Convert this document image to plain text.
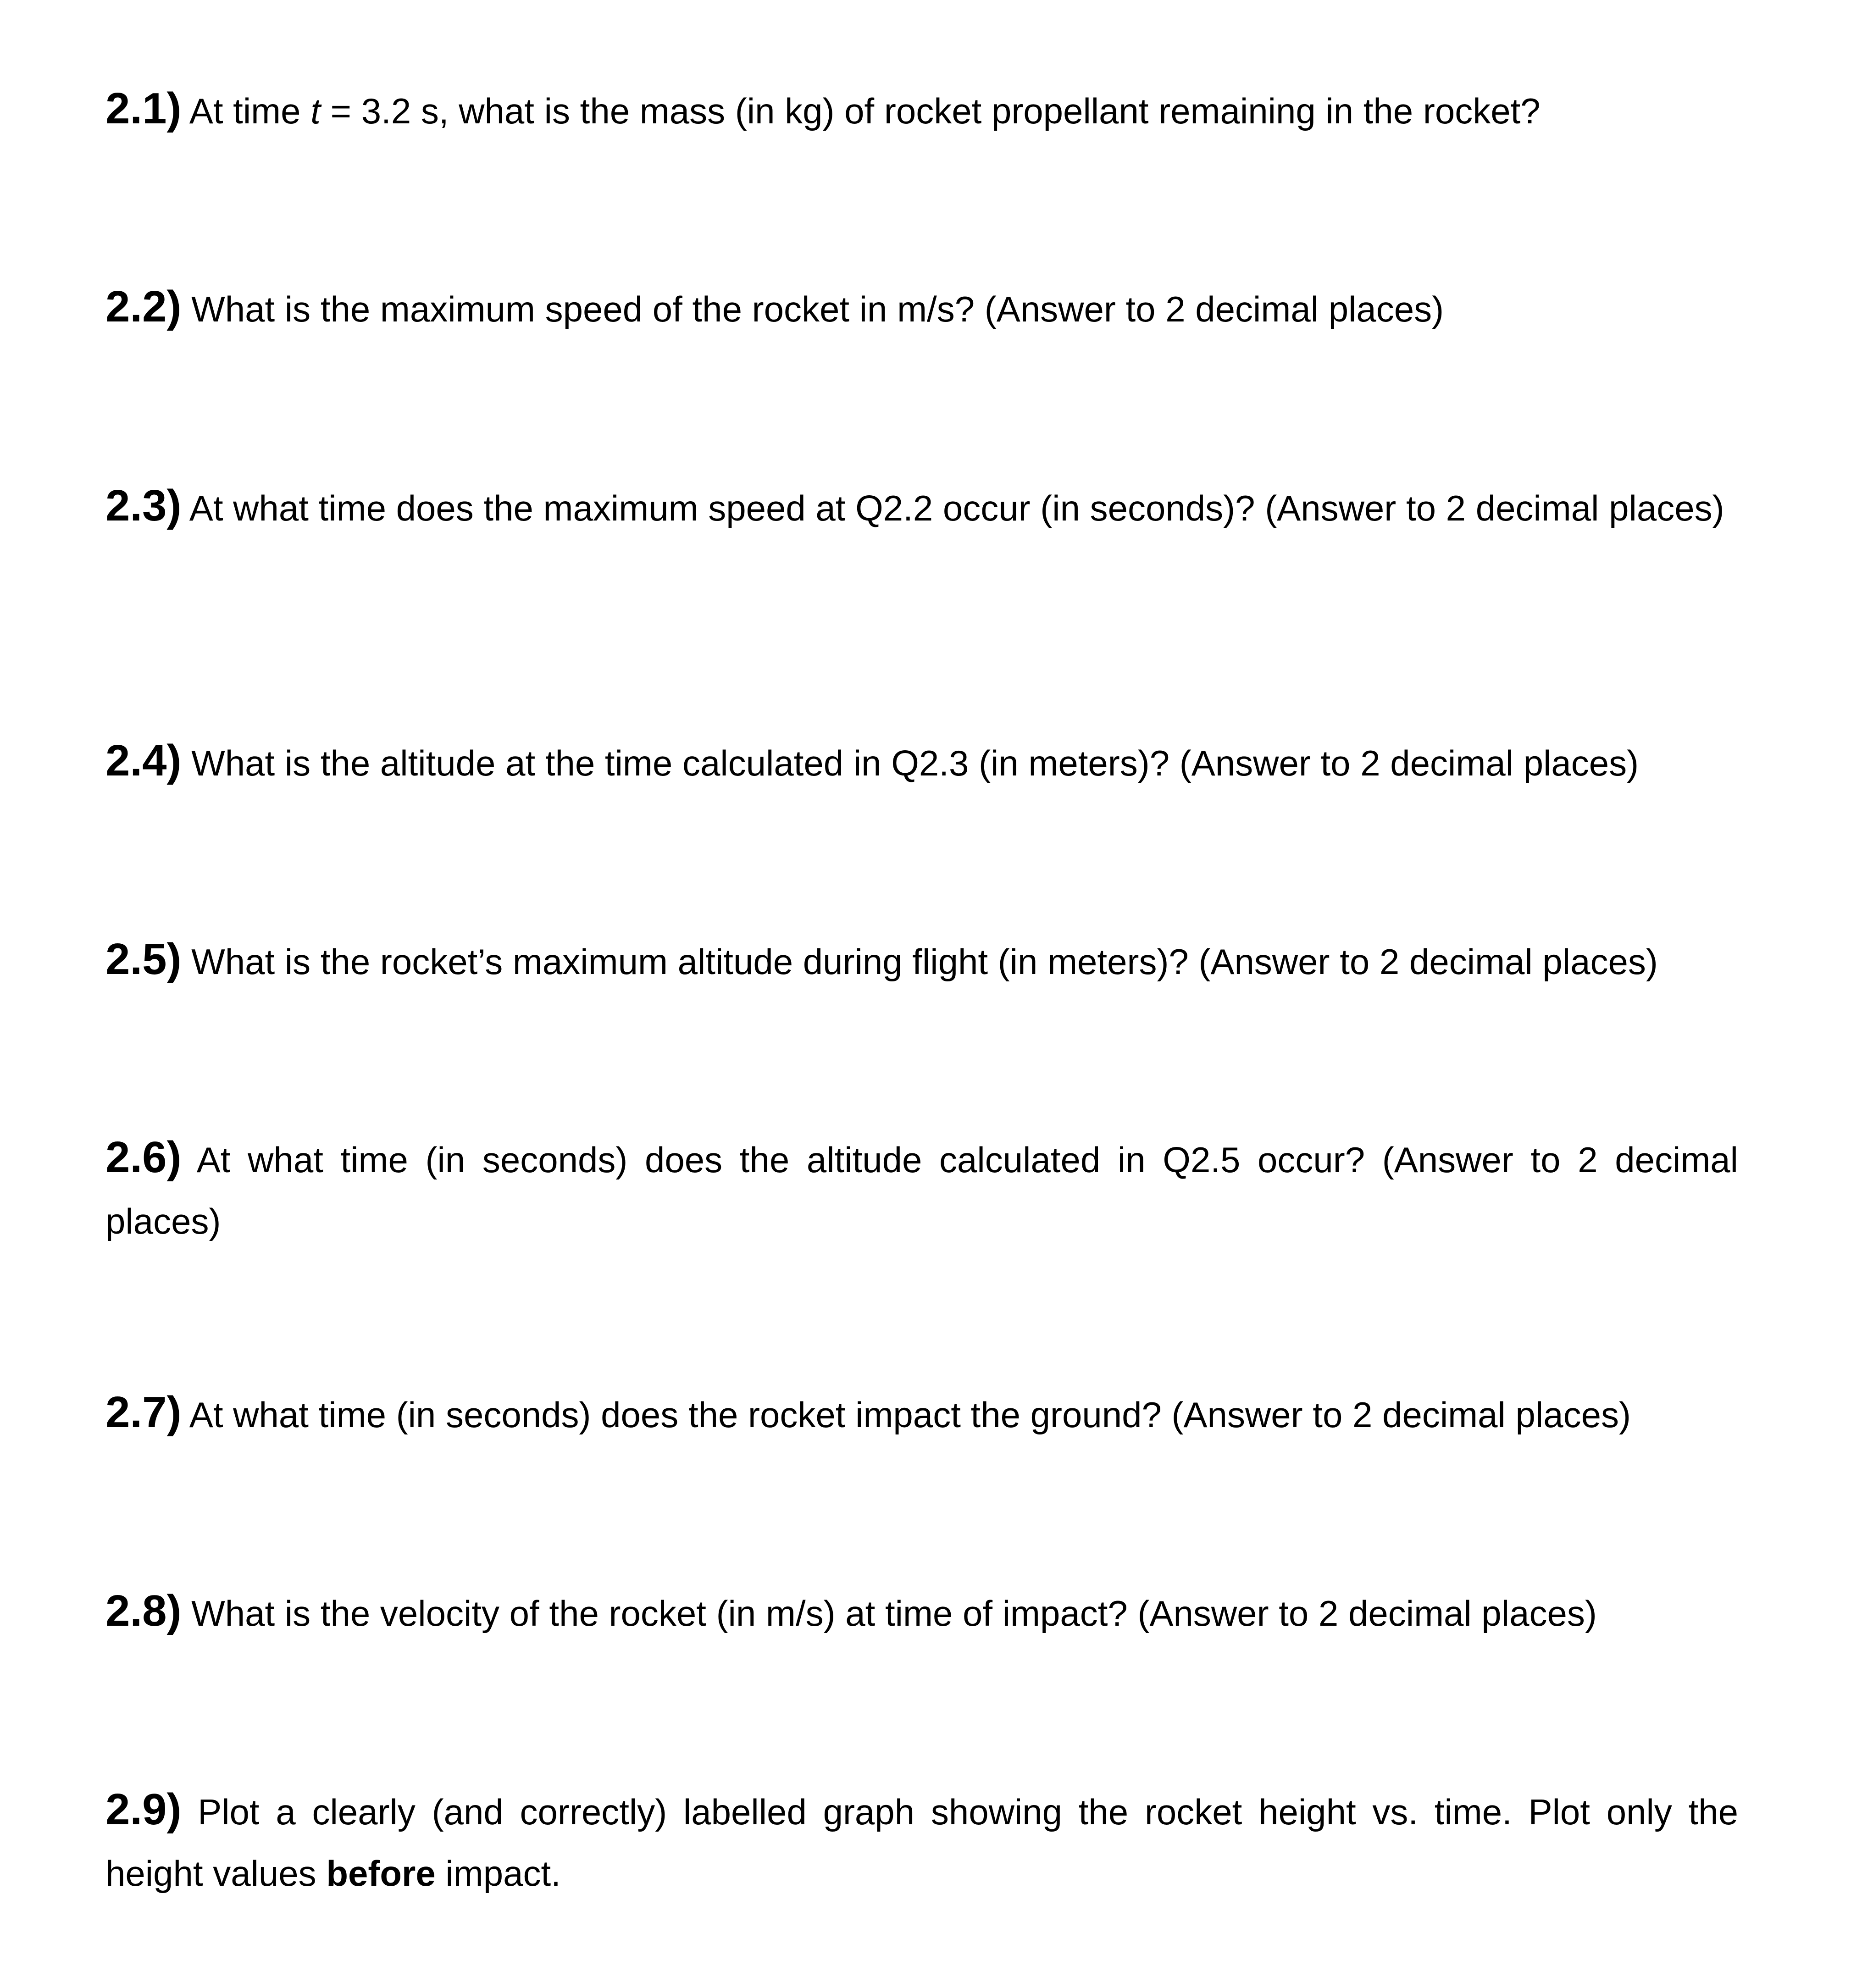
2.1) At time t = 3.2 s, what is the mass (in kg) of rocket propellant remaining in the rocket?
2.2) What is the maximum speed of the rocket in m/s? (Answer to 2 decimal places)
2.3) At what time does the maximum speed at Q2.2 occur (in seconds)? (Answer to 2 decimal places)
2.4) What is the altitude at the time calculated in Q2.3 (in meters)? (Answer to 2 decimal places)
2.5) What is the rocket’s maximum altitude during flight (in meters)? (Answer to 2 decimal places)
2.6) At what time (in seconds) does the altitude calculated in Q2.5 occur? (Answer to 2 decimal places)
2.7) At what time (in seconds) does the rocket impact the ground? (Answer to 2 decimal places)
2.8) What is the velocity of the rocket (in m/s) at time of impact? (Answer to 2 decimal places)
2.9) Plot a clearly (and correctly) labelled graph showing the rocket height vs. time. Plot only the height values before impact.
